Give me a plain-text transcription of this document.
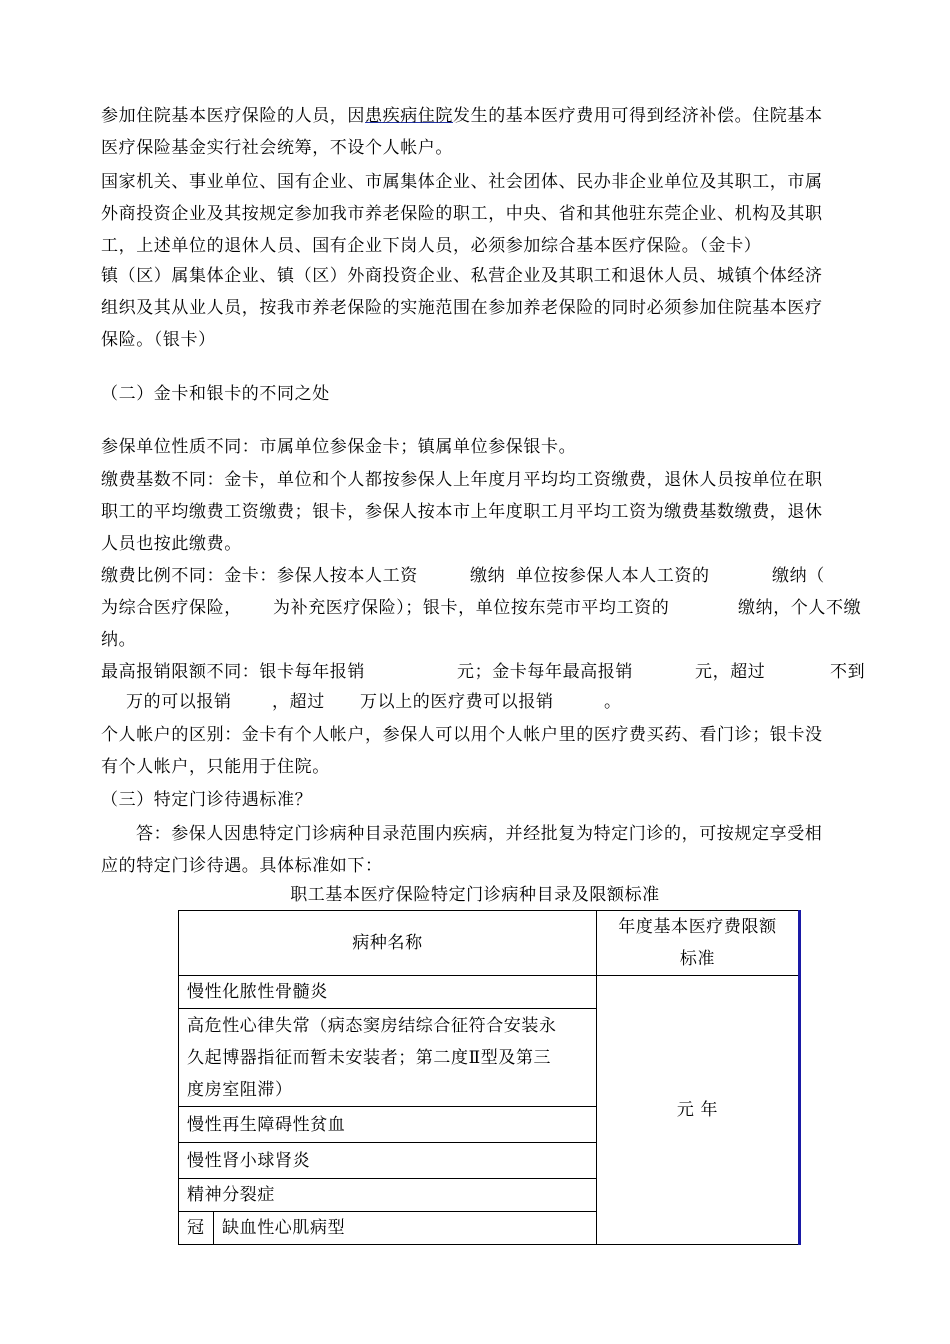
参加住院基本医疗保险的人员，因患疾病住院发生的基本医疗费用可得到经济补偿。住院基本
医疗保险基金实行社会统筹，不设个人帐户。
国家机关、事业单位、国有企业、市属集体企业、社会团体、民办非企业单位及其职工，市属
外商投资企业及其按规定参加我市养老保险的职工，中央、省和其他驻东莞企业、机构及其职
工，上述单位的退休人员、国有企业下岗人员，必须参加综合基本医疗保险。（金卡）
镇（区）属集体企业、镇（区）外商投资企业、私营企业及其职工和退休人员、城镇个体经济
组织及其从业人员，按我市养老保险的实施范围在参加养老保险的同时必须参加住院基本医疗
保险。（银卡）
（二）金卡和银卡的不同之处
参保单位性质不同：市属单位参保金卡；镇属单位参保银卡。
缴费基数不同：金卡，单位和个人都按参保人上年度月平均均工资缴费，退休人员按单位在职
职工的平均缴费工资缴费；银卡，参保人按本市上年度职工月平均工资为缴费基数缴费，退休
人员也按此缴费。
缴费比例不同：金卡：参保人按本人工资	缴纳 单位按参保人本人工资的	缴纳（
为综合医疗保险， 为补充医疗保险）；银卡，单位按东莞市平均工资的	缴纳，个人不缴
纳。
最高报销限额不同：银卡每年报销	元；金卡每年最高报销	元，超过	不到
万的可以报销 ，超过 万以上的医疗费可以报销	。
个人帐户的区别：金卡有个人帐户，参保人可以用个人帐户里的医疗费买药、看门诊；银卡没
有个人帐户，只能用于住院。
（三）特定门诊待遇标准？
答：参保人因患特定门诊病种目录范围内疾病，并经批复为特定门诊的，可按规定享受相
应的特定门诊待遇。具体标准如下：
职工基本医疗保险特定门诊病种目录及限额标准
病种名称		年度基本医疗费限额
标准

慢性化脓性骨髓炎		元 年

高危性心律失常（病态窦房结综合征符合安装永
久起博器指征而暂未安装者；第二度Ⅱ型及第三
度房室阻滞）		

慢性再生障碍性贫血		
慢性肾小球肾炎		
精神分裂症		
冠	缺血性心肌病型	
